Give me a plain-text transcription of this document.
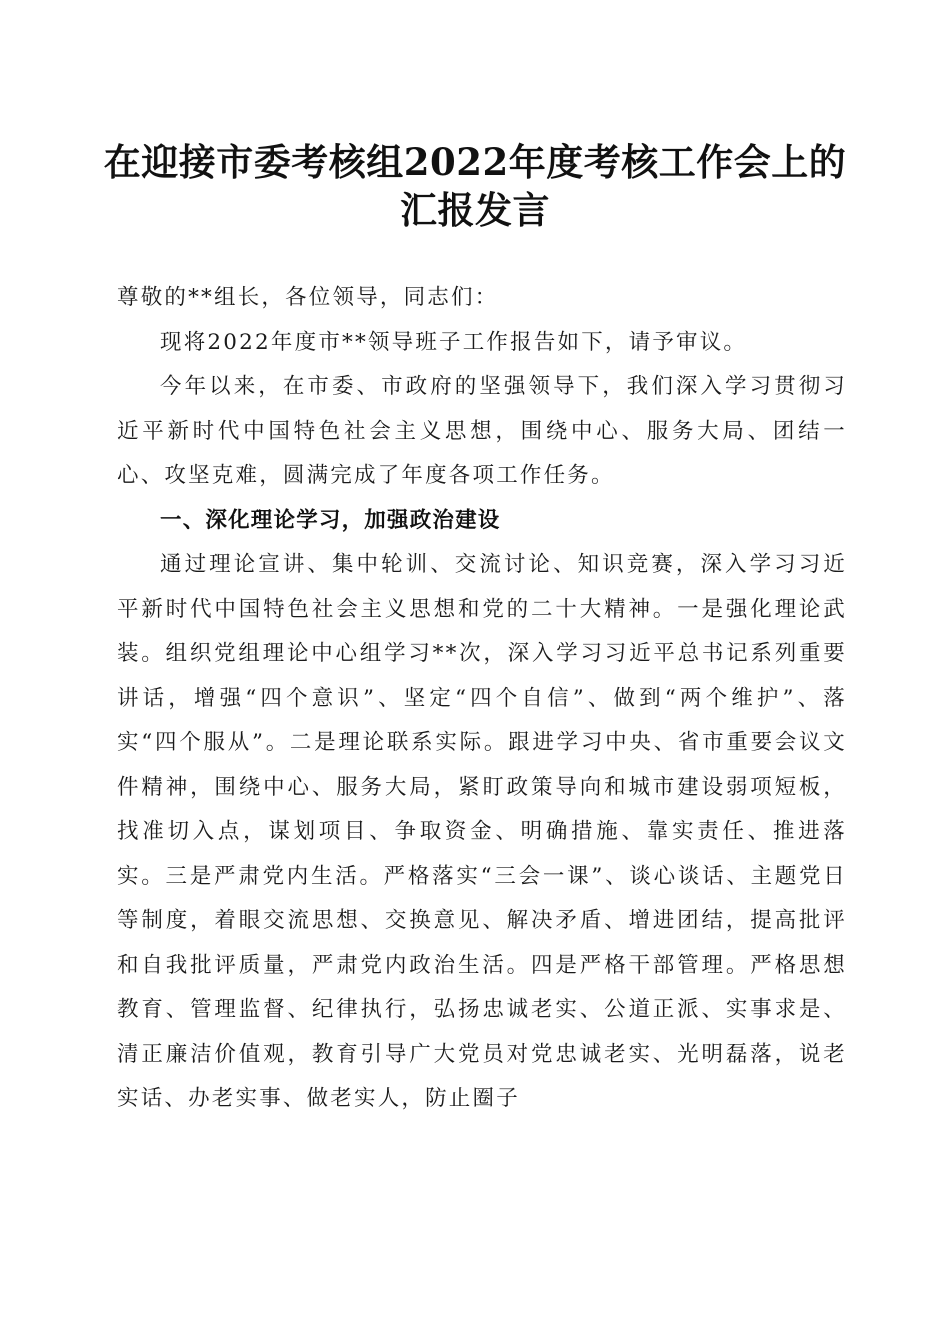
在迎接市委考核组2022年度考核工作会上的
汇报发言
尊敬的**组长，各位领导，同志们：
现将2022年度市**领导班子工作报告如下，请予审议。
今年以来，在市委、市政府的坚强领导下，我们深入学习贯彻习近平新时代中国特色社会主义思想，围绕中心、服务大局、团结一心、攻坚克难，圆满完成了年度各项工作任务。
一、深化理论学习，加强政治建设
通过理论宣讲、集中轮训、交流讨论、知识竞赛，深入学习习近平新时代中国特色社会主义思想和党的二十大精神。一是强化理论武装。组织党组理论中心组学习**次，深入学习习近平总书记系列重要讲话，增强“四个意识”、坚定“四个自信”、做到“两个维护”、落实“四个服从”。二是理论联系实际。跟进学习中央、省市重要会议文件精神，围绕中心、服务大局，紧盯政策导向和城市建设弱项短板，找准切入点，谋划项目、争取资金、明确措施、靠实责任、推进落实。三是严肃党内生活。严格落实“三会一课”、谈心谈话、主题党日等制度，着眼交流思想、交换意见、解决矛盾、增进团结，提高批评和自我批评质量，严肃党内政治生活。四是严格干部管理。严格思想教育、管理监督、纪律执行，弘扬忠诚老实、公道正派、实事求是、清正廉洁价值观，教育引导广大党员对党忠诚老实、光明磊落，说老实话、办老实事、做老实人，防止圈子
